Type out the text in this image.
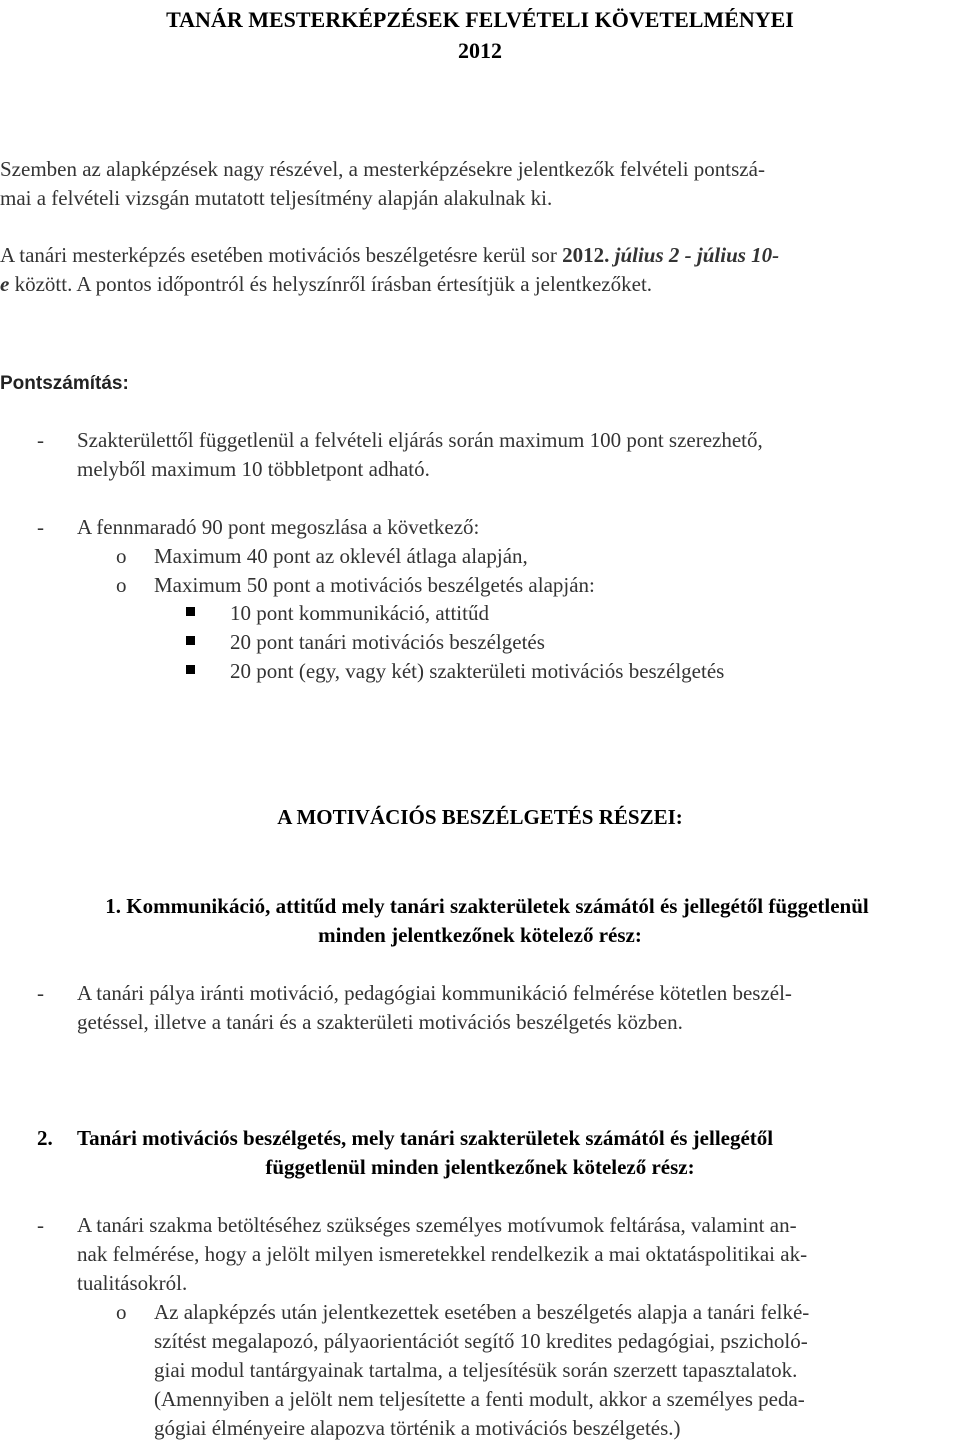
TANÁR MESTERKÉPZÉSEK FELVÉTELI KÖVETELMÉNYEI
2012
Szemben az alapképzések nagy részével, a mesterképzésekre jelentkezők felvételi pontszá-
mai a felvételi vizsgán mutatott teljesítmény alapján alakulnak ki.
A tanári mesterképzés esetében motivációs beszélgetésre kerül sor 2012. július 2 - július 10-
e között. A pontos időpontról és helyszínről írásban értesítjük a jelentkezőket.
Pontszámítás:
- Szakterülettől függetlenül a felvételi eljárás során maximum 100 pont szerezhető,
melyből maximum 10 többletpont adható.
- A fennmaradó 90 pont megoszlása a következő:
o Maximum 40 pont az oklevél átlaga alapján,
o Maximum 50 pont a motivációs beszélgetés alapján:
10 pont kommunikáció, attitűd
20 pont tanári motivációs beszélgetés
20 pont (egy, vagy két) szakterületi motivációs beszélgetés
A MOTIVÁCIÓS BESZÉLGETÉS RÉSZEI:
1. Kommunikáció, attitűd mely tanári szakterületek számától és jellegétől függetlenül
minden jelentkezőnek kötelező rész:
- A tanári pálya iránti motiváció, pedagógiai kommunikáció felmérése kötetlen beszél-
getéssel, illetve a tanári és a szakterületi motivációs beszélgetés közben.
2. Tanári motivációs beszélgetés, mely tanári szakterületek számától és jellegétől
függetlenül minden jelentkezőnek kötelező rész:
- A tanári szakma betöltéséhez szükséges személyes motívumok feltárása, valamint an-
nak felmérése, hogy a jelölt milyen ismeretekkel rendelkezik a mai oktatáspolitikai ak-
tualitásokról.
o Az alapképzés után jelentkezettek esetében a beszélgetés alapja a tanári felké-
szítést megalapozó, pályaorientációt segítő 10 kredites pedagógiai, pszicholó-
giai modul tantárgyainak tartalma, a teljesítésük során szerzett tapasztalatok.
(Amennyiben a jelölt nem teljesítette a fenti modult, akkor a személyes peda-
gógiai élményeire alapozva történik a motivációs beszélgetés.)
